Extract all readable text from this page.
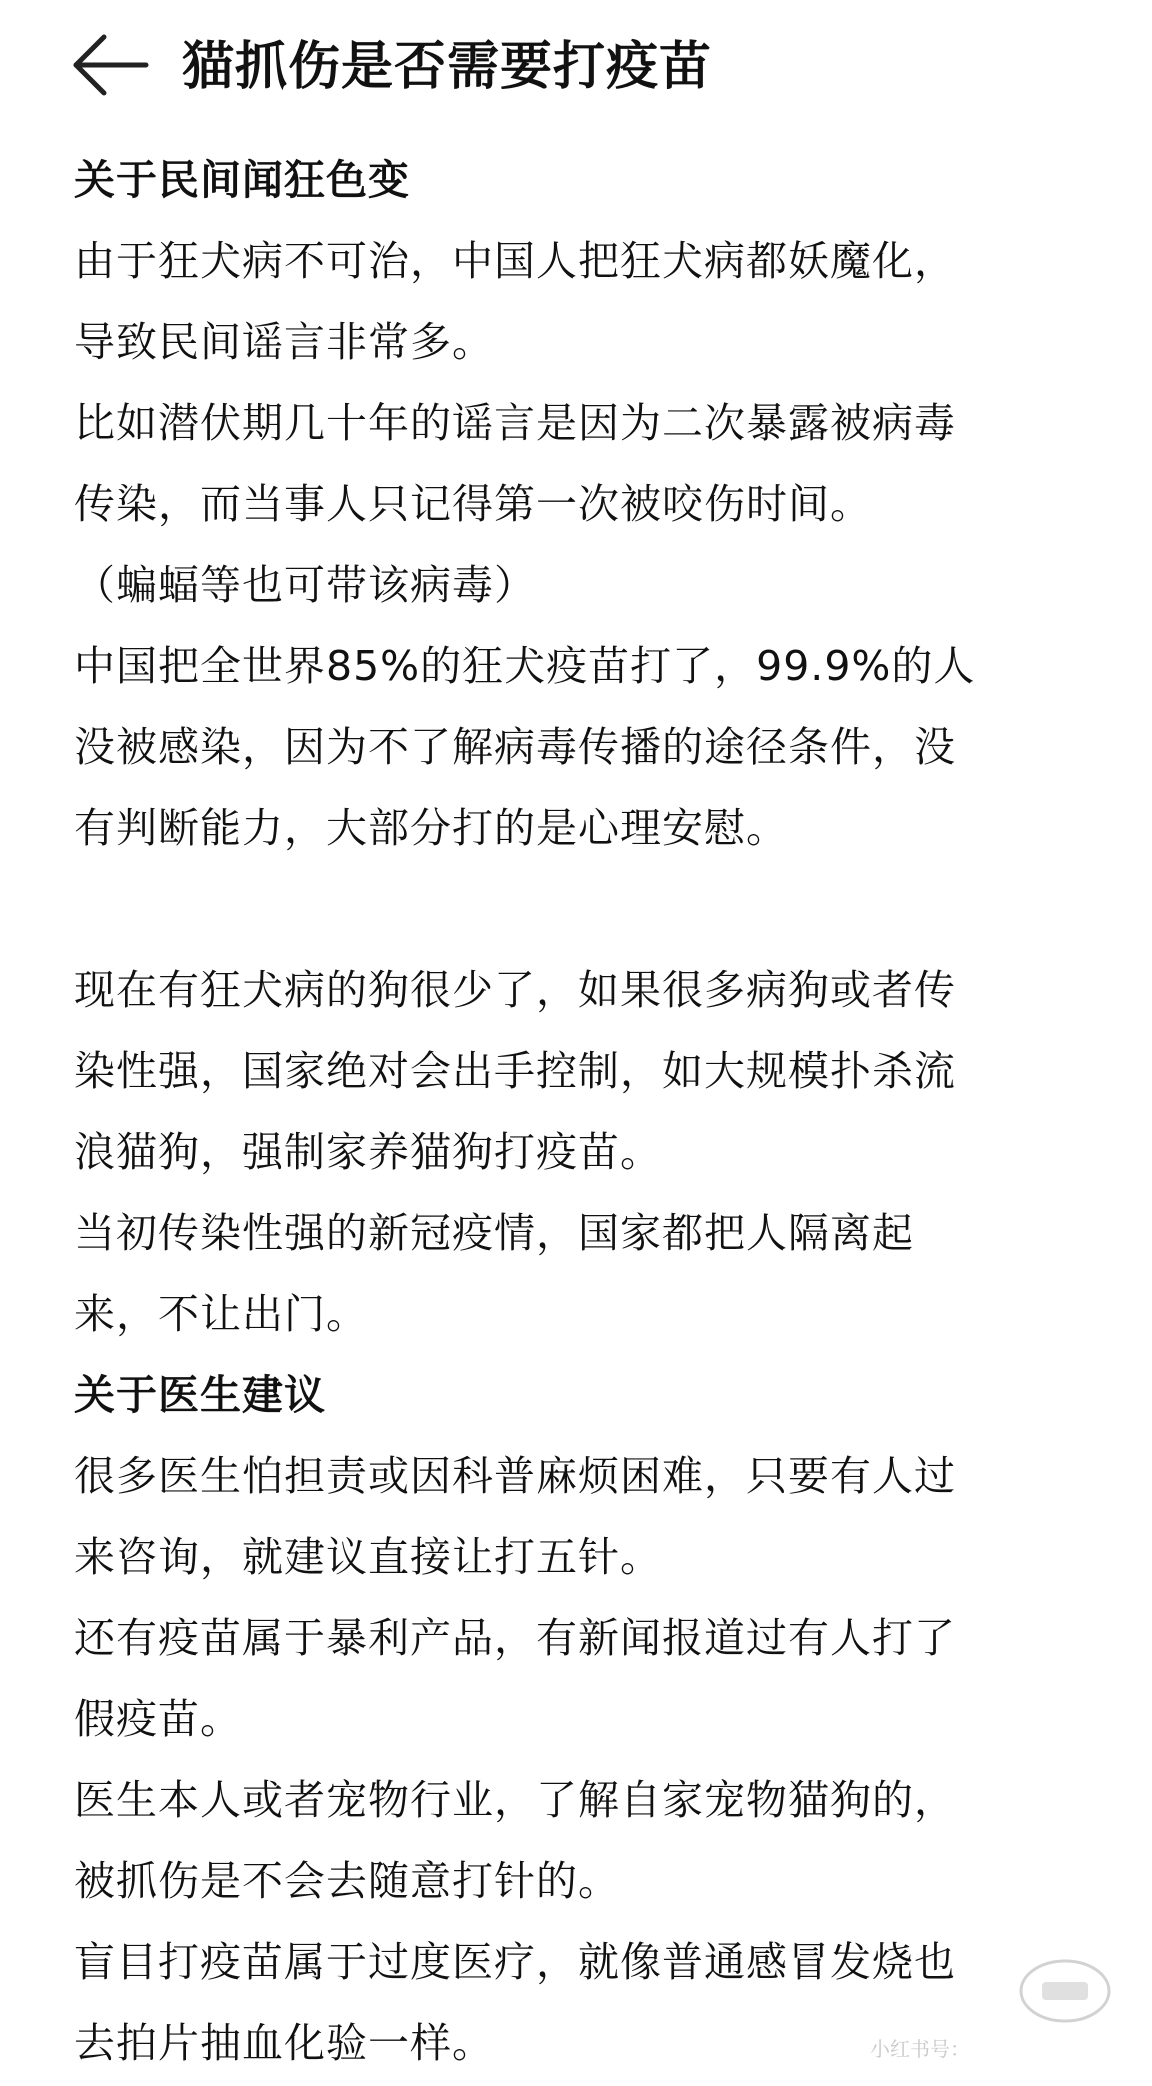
猫抓伤是否需要打疫苗

关于民间闻狂色变

由于狂犬病不可治，中国人把狂犬病都妖魔化，

导致民间谣言非常多。

比如潜伏期几十年的谣言是因为二次暴露被病毒

传染，而当事人只记得第一次被咬伤时间。

（蝙蝠等也可带该病毒）

中国把全世界85%的狂犬疫苗打了，99.9%的人

没被感染，因为不了解病毒传播的途径条件，没

有判断能力，大部分打的是心理安慰。

现在有狂犬病的狗很少了，如果很多病狗或者传

染性强，国家绝对会出手控制，如大规模扑杀流

浪猫狗，强制家养猫狗打疫苗。

当初传染性强的新冠疫情，国家都把人隔离起

来，不让出门。

关于医生建议

很多医生怕担责或因科普麻烦困难，只要有人过

来咨询，就建议直接让打五针。

还有疫苗属于暴利产品，有新闻报道过有人打了

假疫苗。

医生本人或者宠物行业，了解自家宠物猫狗的，

被抓伤是不会去随意打针的。

盲目打疫苗属于过度医疗，就像普通感冒发烧也

去拍片抽血化验一样。	小红书号：
